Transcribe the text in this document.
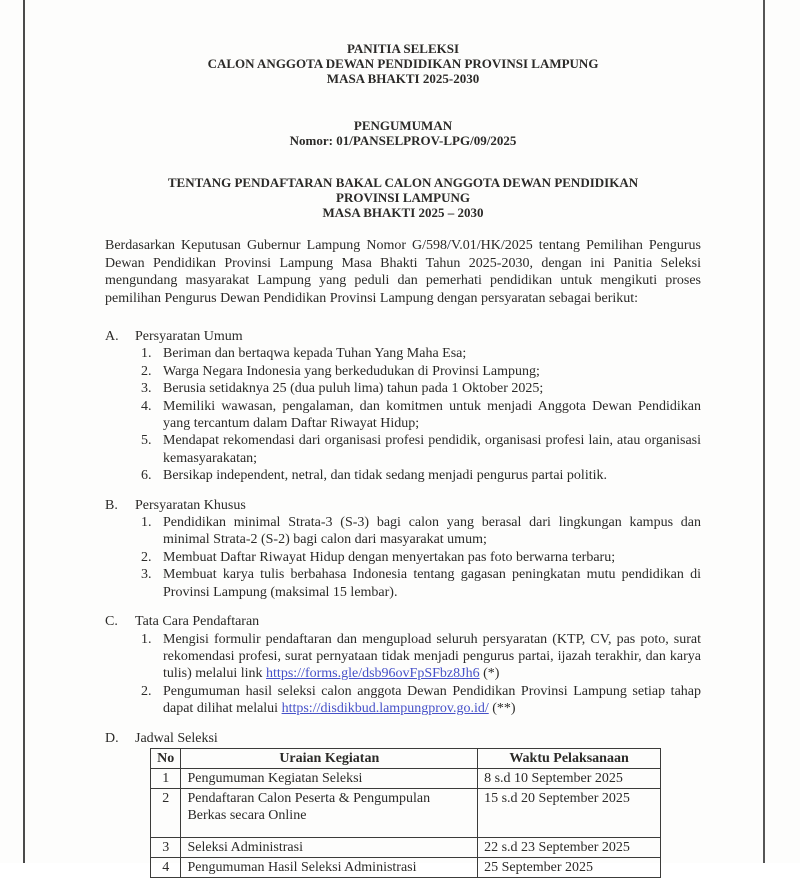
PANITIA SELEKSI
CALON ANGGOTA DEWAN PENDIDIKAN PROVINSI LAMPUNG
MASA BHAKTI 2025-2030
PENGUMUMAN
Nomor: 01/PANSELPROV-LPG/09/2025
TENTANG PENDAFTARAN BAKAL CALON ANGGOTA DEWAN PENDIDIKAN
PROVINSI LAMPUNG
MASA BHAKTI 2025 – 2030

Berdasarkan Keputusan Gubernur Lampung Nomor G/598/V.01/HK/2025 tentang Pemilihan Pengurus Dewan Pendidikan Provinsi Lampung Masa Bhakti Tahun 2025-2030, dengan ini Panitia Seleksi mengundang masyarakat Lampung yang peduli dan pemerhati pendidikan untuk mengikuti proses pemilihan Pengurus Dewan Pendidikan Provinsi Lampung dengan persyaratan sebagai berikut:

A.	Persyaratan Umum
1. Beriman dan bertaqwa kepada Tuhan Yang Maha Esa;
2. Warga Negara Indonesia yang berkedudukan di Provinsi Lampung;
3. Berusia setidaknya 25 (dua puluh lima) tahun pada 1 Oktober 2025;
4. Memiliki wawasan, pengalaman, dan komitmen untuk menjadi Anggota Dewan Pendidikan yang tercantum dalam Daftar Riwayat Hidup;
5. Mendapat rekomendasi dari organisasi profesi pendidik, organisasi profesi lain, atau organisasi kemasyarakatan;
6. Bersikap independent, netral, dan tidak sedang menjadi pengurus partai politik.
B.	Persyaratan Khusus
1. Pendidikan minimal Strata-3 (S-3) bagi calon yang berasal dari lingkungan kampus dan minimal Strata-2 (S-2) bagi calon dari masyarakat umum;
2. Membuat Daftar Riwayat Hidup dengan menyertakan pas foto berwarna terbaru;
3. Membuat karya tulis berbahasa Indonesia tentang gagasan peningkatan mutu pendidikan di Provinsi Lampung (maksimal 15 lembar).
C.	Tata Cara Pendaftaran
1. Mengisi formulir pendaftaran dan mengupload seluruh persyaratan (KTP, CV, pas poto, surat rekomendasi profesi, surat pernyataan tidak menjadi pengurus partai, ijazah terakhir, dan karya tulis) melalui link https://forms.gle/dsb96ovFpSFbz8Jh6 (*)
2. Pengumuman hasil seleksi calon anggota Dewan Pendidikan Provinsi Lampung setiap tahap dapat dilihat melalui https://disdikbud.lampungprov.go.id/ (**)
D.	Jadwal Seleksi
No	Uraian Kegiatan	Waktu Pelaksanaan
1	Pengumuman Kegiatan Seleksi	8 s.d 10 September 2025
2	Pendaftaran Calon Peserta & Pengumpulan Berkas secara Online	15 s.d 20 September 2025
3	Seleksi Administrasi	22 s.d 23 September 2025
4	Pengumuman Hasil Seleksi Administrasi	25 September 2025
